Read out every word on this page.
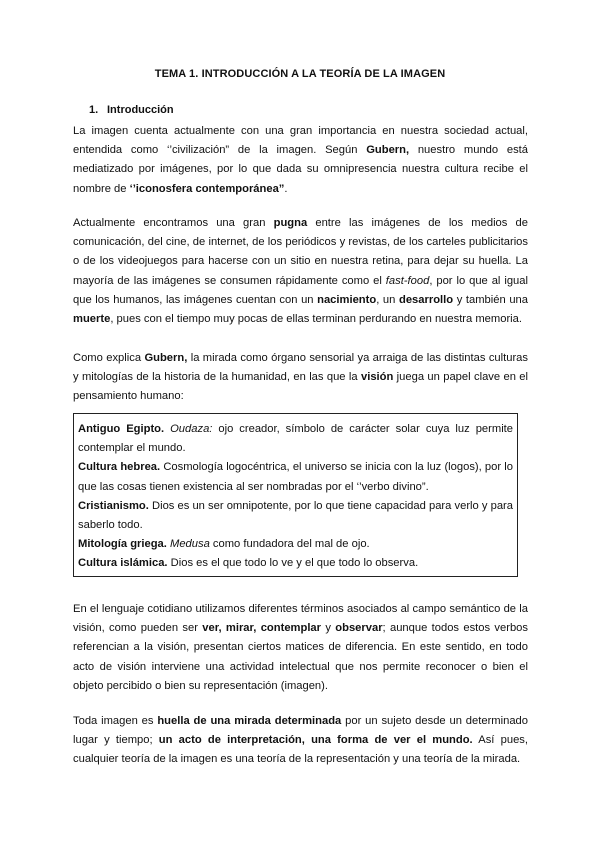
TEMA 1. INTRODUCCIÓN A LA TEORÍA DE LA IMAGEN
1. Introducción

La imagen cuenta actualmente con una gran importancia en nuestra sociedad actual, entendida como ‘’civilización” de la imagen. Según Gubern, nuestro mundo está mediatizado por imágenes, por lo que dada su omnipresencia nuestra cultura recibe el nombre de ‘’iconosfera contemporánea”.

Actualmente encontramos una gran pugna entre las imágenes de los medios de comunicación, del cine, de internet, de los periódicos y revistas, de los carteles publicitarios o de los videojuegos para hacerse con un sitio en nuestra retina, para dejar su huella. La mayoría de las imágenes se consumen rápidamente como el fast-food, por lo que al igual que los humanos, las imágenes cuentan con un nacimiento, un desarrollo y también una muerte, pues con el tiempo muy pocas de ellas terminan perdurando en nuestra memoria.

Como explica Gubern, la mirada como órgano sensorial ya arraiga de las distintas culturas y mitologías de la historia de la humanidad, en las que la visión juega un papel clave en el pensamiento humano:

Antiguo Egipto. Oudaza: ojo creador, símbolo de carácter solar cuya luz permite contemplar el mundo.
Cultura hebrea. Cosmología logocéntrica, el universo se inicia con la luz (logos), por lo que las cosas tienen existencia al ser nombradas por el ‘’verbo divino”.
Cristianismo. Dios es un ser omnipotente, por lo que tiene capacidad para verlo y para saberlo todo.
Mitología griega. Medusa como fundadora del mal de ojo.
Cultura islámica. Dios es el que todo lo ve y el que todo lo observa.

En el lenguaje cotidiano utilizamos diferentes términos asociados al campo semántico de la visión, como pueden ser ver, mirar, contemplar y observar; aunque todos estos verbos referencian a la visión, presentan ciertos matices de diferencia. En este sentido, en todo acto de visión interviene una actividad intelectual que nos permite reconocer o bien el objeto percibido o bien su representación (imagen).

Toda imagen es huella de una mirada determinada por un sujeto desde un determinado lugar y tiempo; un acto de interpretación, una forma de ver el mundo. Así pues, cualquier teoría de la imagen es una teoría de la representación y una teoría de la mirada.
